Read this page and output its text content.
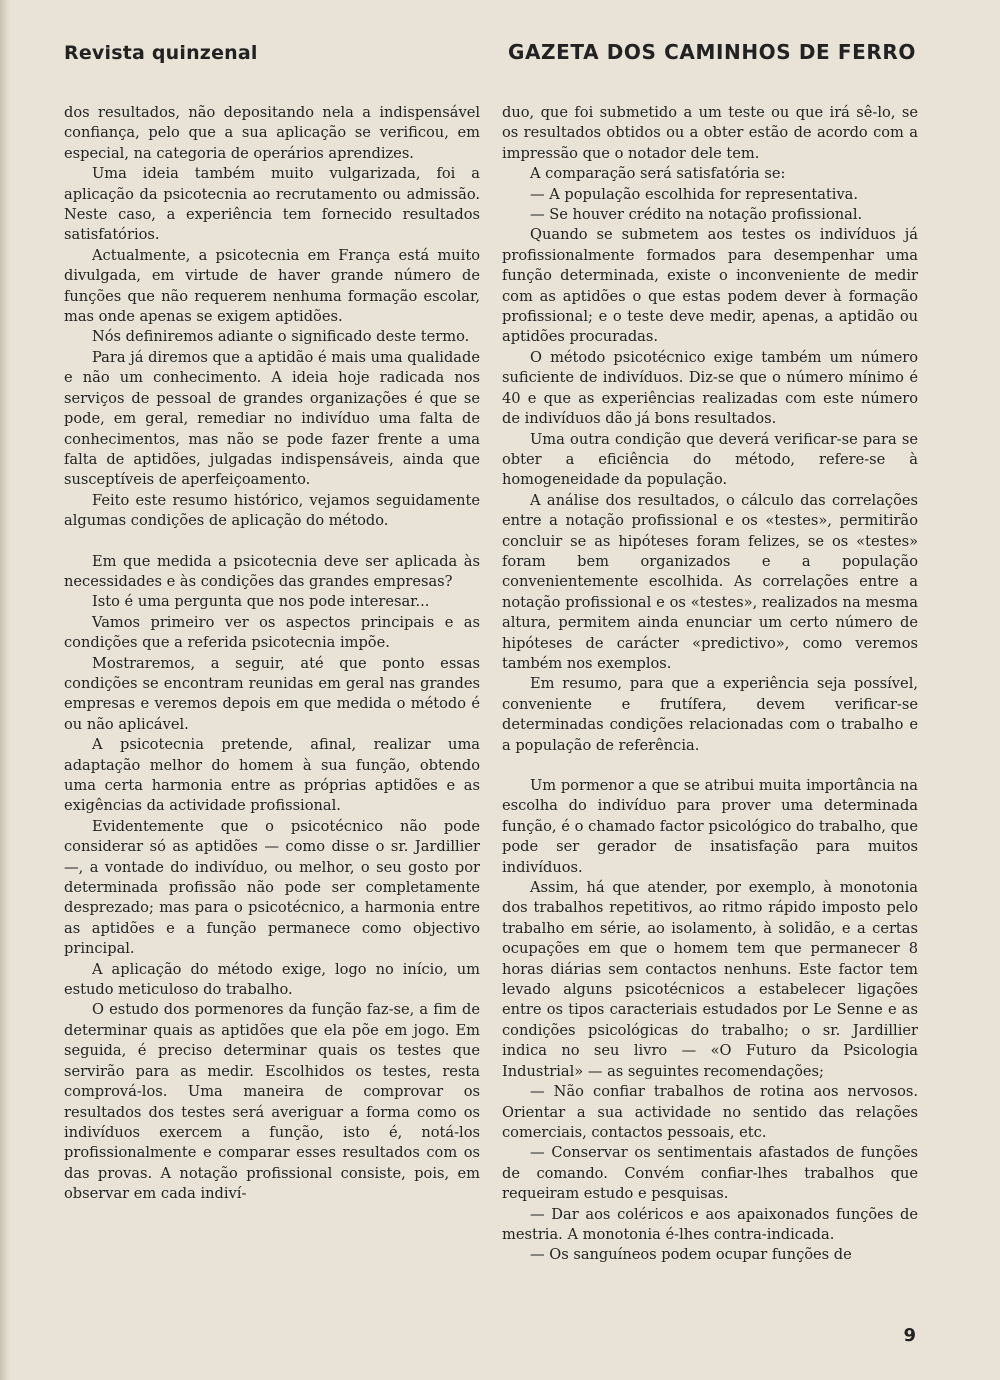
Revista quinzenal	GAZETA DOS CAMINHOS DE FERRO

dos resultados, não depositando nela a indispensável confiança, pelo que a sua aplicação se verificou, em especial, na categoria de operários aprendizes.

Uma ideia também muito vulgarizada, foi a aplicação da psicotecnia ao recrutamento ou admissão. Neste caso, a experiência tem fornecido resultados satisfatórios.

Actualmente, a psicotecnia em França está muito divulgada, em virtude de haver grande número de funções que não requerem nenhuma formação escolar, mas onde apenas se exigem aptidões.

Nós definiremos adiante o significado deste termo.

Para já diremos que a aptidão é mais uma qualidade e não um conhecimento. A ideia hoje radicada nos serviços de pessoal de grandes organizações é que se pode, em geral, remediar no indivíduo uma falta de conhecimentos, mas não se pode fazer frente a uma falta de aptidões, julgadas indispensáveis, ainda que susceptíveis de aperfeiçoamento.

Feito este resumo histórico, vejamos seguidamente algumas condições de aplicação do método.

Em que medida a psicotecnia deve ser aplicada às necessidades e às condições das grandes empresas?

Isto é uma pergunta que nos pode interesar...

Vamos primeiro ver os aspectos principais e as condições que a referida psicotecnia impõe.

Mostraremos, a seguir, até que ponto essas condições se encontram reunidas em geral nas grandes empresas e veremos depois em que medida o método é ou não aplicável.

A psicotecnia pretende, afinal, realizar uma adaptação melhor do homem à sua função, obtendo uma certa harmonia entre as próprias aptidões e as exigências da actividade profissional.

Evidentemente que o psicotécnico não pode considerar só as aptidões — como disse o sr. Jardillier —, a vontade do indivíduo, ou melhor, o seu gosto por determinada profissão não pode ser completamente desprezado; mas para o psicotécnico, a harmonia entre as aptidões e a função permanece como objectivo principal.

A aplicação do método exige, logo no início, um estudo meticuloso do trabalho.

O estudo dos pormenores da função faz-se, a fim de determinar quais as aptidões que ela põe em jogo. Em seguida, é preciso determinar quais os testes que servirão para as medir. Escolhidos os testes, resta comprová-los. Uma maneira de comprovar os resultados dos testes será averiguar a forma como os indivíduos exercem a função, isto é, notá-los profissionalmente e comparar esses resultados com os das provas. A notação profissional consiste, pois, em observar em cada indiví-

duo, que foi submetido a um teste ou que irá sê-lo, se os resultados obtidos ou a obter estão de acordo com a impressão que o notador dele tem.

A comparação será satisfatória se:

— A população escolhida for representativa.

— Se houver crédito na notação profissional.

Quando se submetem aos testes os indivíduos já profissionalmente formados para desempenhar uma função determinada, existe o inconveniente de medir com as aptidões o que estas podem dever à formação profissional; e o teste deve medir, apenas, a aptidão ou aptidões procuradas.

O método psicotécnico exige também um número suficiente de indivíduos. Diz-se que o número mínimo é 40 e que as experiências realizadas com este número de indivíduos dão já bons resultados.

Uma outra condição que deverá verificar-se para se obter a eficiência do método, refere-se à homogeneidade da população.

A análise dos resultados, o cálculo das correlações entre a notação profissional e os «testes», permitirão concluir se as hipóteses foram felizes, se os «testes» foram bem organizados e a população convenientemente escolhida. As correlações entre a notação profissional e os «testes», realizados na mesma altura, permitem ainda enunciar um certo número de hipóteses de carácter «predictivo», como veremos também nos exemplos.

Em resumo, para que a experiência seja possível, conveniente e frutífera, devem verificar-se determinadas condições relacionadas com o trabalho e a população de referência.

Um pormenor a que se atribui muita importância na escolha do indivíduo para prover uma determinada função, é o chamado factor psicológico do trabalho, que pode ser gerador de insatisfação para muitos indivíduos.

Assim, há que atender, por exemplo, à monotonia dos trabalhos repetitivos, ao ritmo rápido imposto pelo trabalho em série, ao isolamento, à solidão, e a certas ocupações em que o homem tem que permanecer 8 horas diárias sem contactos nenhuns. Este factor tem levado alguns psicotécnicos a estabelecer ligações entre os tipos caracteriais estudados por Le Senne e as condições psicológicas do trabalho; o sr. Jardillier indica no seu livro — «O Futuro da Psicologia Industrial» — as seguintes recomendações;

— Não confiar trabalhos de rotina aos nervosos. Orientar a sua actividade no sentido das relações comerciais, contactos pessoais, etc.

— Conservar os sentimentais afastados de funções de comando. Convém confiar-lhes trabalhos que requeiram estudo e pesquisas.

— Dar aos coléricos e aos apaixonados funções de mestria. A monotonia é-lhes contra-indicada.

— Os sanguíneos podem ocupar funções de

9
